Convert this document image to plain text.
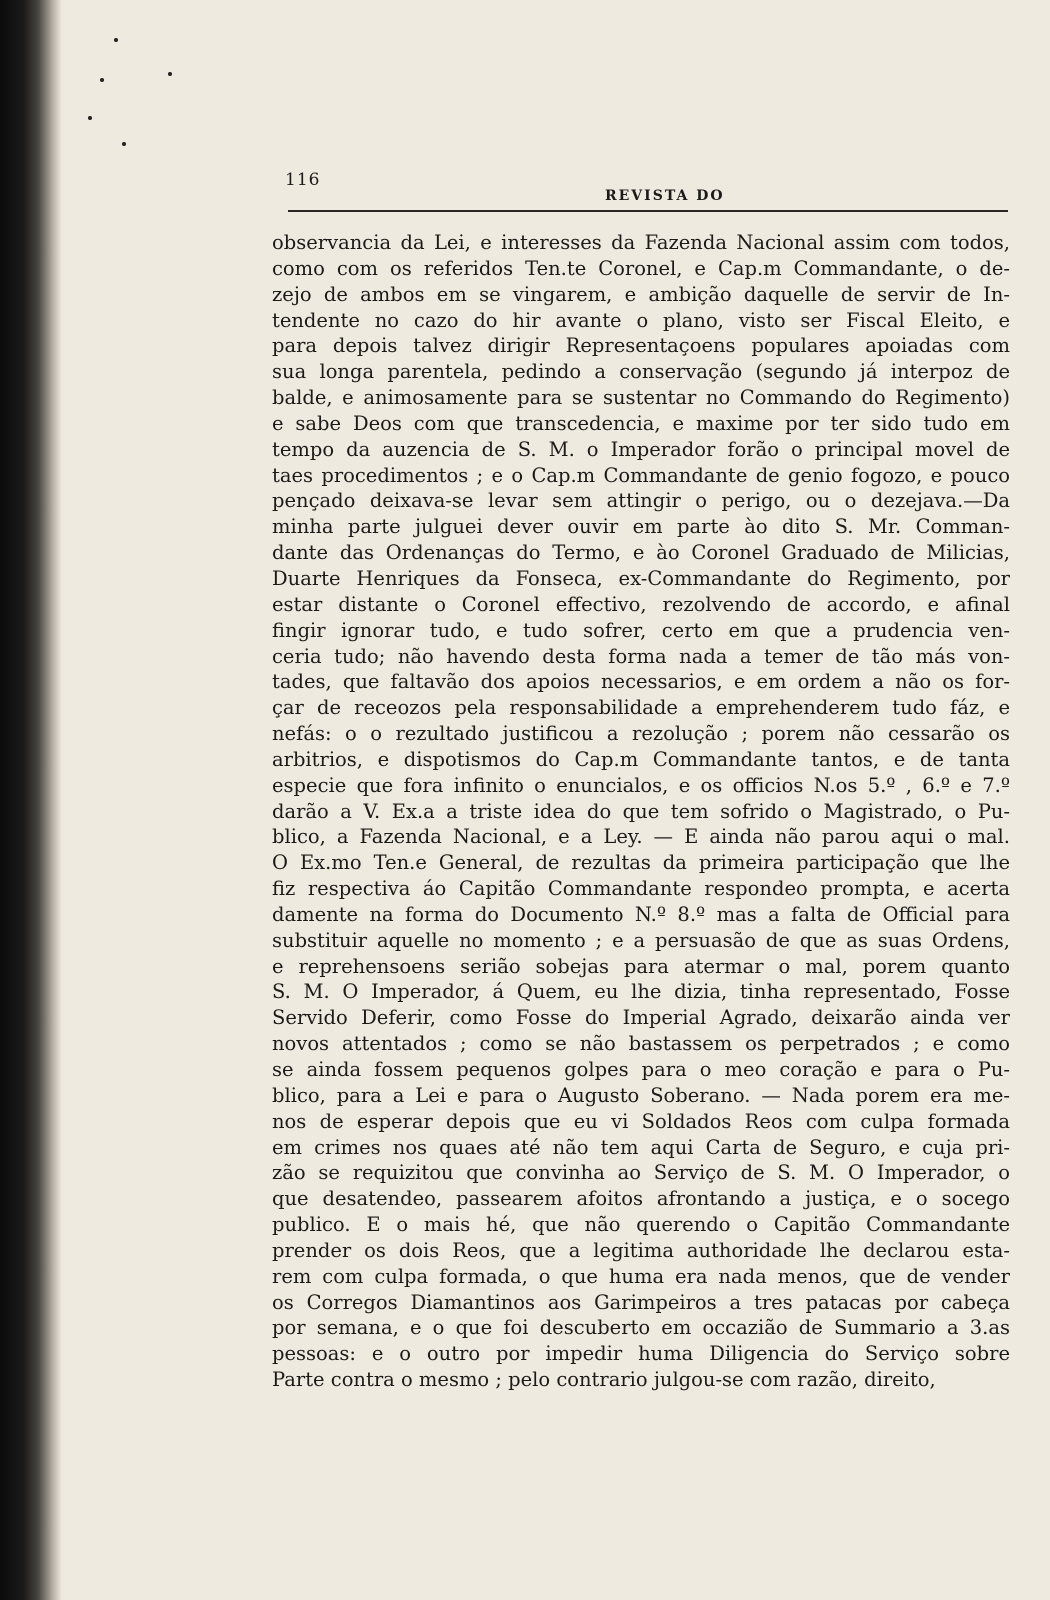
116
REVISTA DO
observancia da Lei, e interesses da Fazenda Nacional assim com todos,
como com os referidos Ten.te Coronel, e Cap.m Commandante, o de-
zejo de ambos em se vingarem, e ambição daquelle de servir de In-
tendente no cazo do hir avante o plano, visto ser Fiscal Eleito, e
para depois talvez dirigir Representaçoens populares apoiadas com
sua longa parentela, pedindo a conservação (segundo já interpoz de
balde, e animosamente para se sustentar no Commando do Regimento)
e sabe Deos com que transcedencia, e maxime por ter sido tudo em
tempo da auzencia de S. M. o Imperador forão o principal movel de
taes procedimentos ; e o Cap.m Commandante de genio fogozo, e pouco
pençado deixava-se levar sem attingir o perigo, ou o dezejava.—Da
minha parte julguei dever ouvir em parte ào dito S. Mr. Comman-
dante das Ordenanças do Termo, e ào Coronel Graduado de Milicias,
Duarte Henriques da Fonseca, ex-Commandante do Regimento, por
estar distante o Coronel effectivo, rezolvendo de accordo, e afinal
fingir ignorar tudo, e tudo sofrer, certo em que a prudencia ven-
ceria tudo; não havendo desta forma nada a temer de tão más von-
tades, que faltavão dos apoios necessarios, e em ordem a não os for-
çar de receozos pela responsabilidade a emprehenderem tudo fáz, e
nefás: o o rezultado justificou a rezolução ; porem não cessarão os
arbitrios, e dispotismos do Cap.m Commandante tantos, e de tanta
especie que fora infinito o enuncialos, e os officios N.os 5.º , 6.º e 7.º
darão a V. Ex.a a triste idea do que tem sofrido o Magistrado, o Pu-
blico, a Fazenda Nacional, e a Ley. — E ainda não parou aqui o mal.
O Ex.mo Ten.e General, de rezultas da primeira participação que lhe
fiz respectiva áo Capitão Commandante respondeo prompta, e acerta
damente na forma do Documento N.º 8.º mas a falta de Official para
substituir aquelle no momento ; e a persuasão de que as suas Ordens,
e reprehensoens serião sobejas para atermar o mal, porem quanto
S. M. O Imperador, á Quem, eu lhe dizia, tinha representado, Fosse
Servido Deferir, como Fosse do Imperial Agrado, deixarão ainda ver
novos attentados ; como se não bastassem os perpetrados ; e como
se ainda fossem pequenos golpes para o meo coração e para o Pu-
blico, para a Lei e para o Augusto Soberano. — Nada porem era me-
nos de esperar depois que eu vi Soldados Reos com culpa formada
em crimes nos quaes até não tem aqui Carta de Seguro, e cuja pri-
zão se requizitou que convinha ao Serviço de S. M. O Imperador, o
que desatendeo, passearem afoitos afrontando a justiça, e o socego
publico. E o mais hé, que não querendo o Capitão Commandante
prender os dois Reos, que a legitima authoridade lhe declarou esta-
rem com culpa formada, o que huma era nada menos, que de vender
os Corregos Diamantinos aos Garimpeiros a tres patacas por cabeça
por semana, e o que foi descuberto em occazião de Summario a 3.as
pessoas: e o outro por impedir huma Diligencia do Serviço sobre
Parte contra o mesmo ; pelo contrario julgou-se com razão, direito,
